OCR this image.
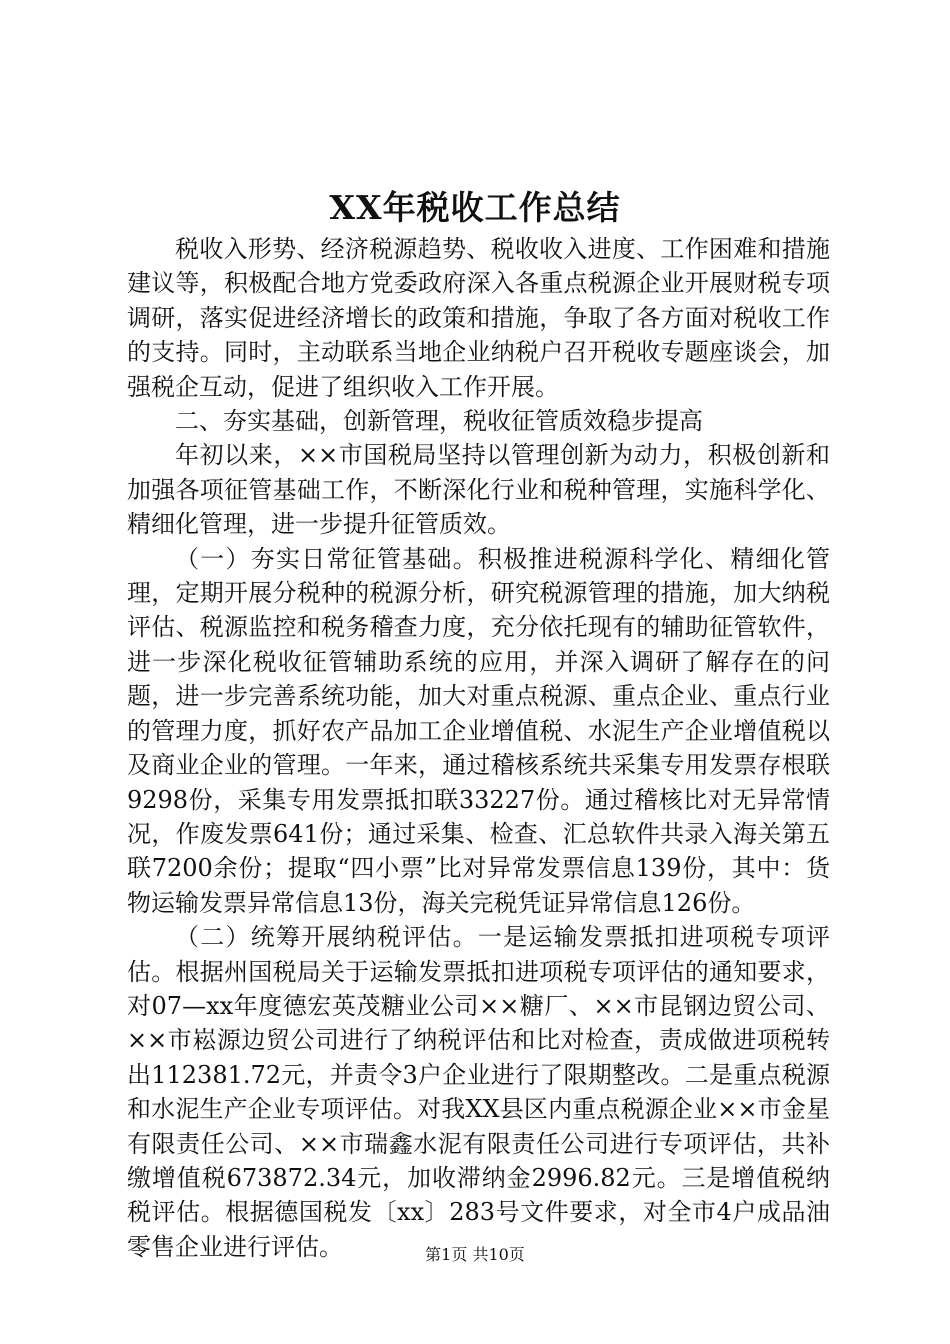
XX年税收工作总结

税收入形势、经济税源趋势、税收收入进度、工作困难和措施建议等，积极配合地方党委政府深入各重点税源企业开展财税专项调研，落实促进经济增长的政策和措施，争取了各方面对税收工作的支持。同时，主动联系当地企业纳税户召开税收专题座谈会，加强税企互动，促进了组织收入工作开展。

二、夯实基础，创新管理，税收征管质效稳步提高

年初以来，××市国税局坚持以管理创新为动力，积极创新和加强各项征管基础工作，不断深化行业和税种管理，实施科学化、精细化管理，进一步提升征管质效。

（一）夯实日常征管基础。积极推进税源科学化、精细化管理，定期开展分税种的税源分析，研究税源管理的措施，加大纳税评估、税源监控和税务稽查力度，充分依托现有的辅助征管软件，进一步深化税收征管辅助系统的应用，并深入调研了解存在的问题，进一步完善系统功能，加大对重点税源、重点企业、重点行业的管理力度，抓好农产品加工企业增值税、水泥生产企业增值税以及商业企业的管理。一年来，通过稽核系统共采集专用发票存根联9298份，采集专用发票抵扣联33227份。通过稽核比对无异常情况，作废发票641份；通过采集、检查、汇总软件共录入海关第五联7200余份；提取“四小票”比对异常发票信息139份，其中：货物运输发票异常信息13份，海关完税凭证异常信息126份。

（二）统筹开展纳税评估。一是运输发票抵扣进项税专项评估。根据州国税局关于运输发票抵扣进项税专项评估的通知要求，对07—xx年度德宏英茂糖业公司××糖厂、××市昆钢边贸公司、××市崧源边贸公司进行了纳税评估和比对检查，责成做进项税转出112381.72元，并责令3户企业进行了限期整改。二是重点税源和水泥生产企业专项评估。对我XX县区内重点税源企业××市金星有限责任公司、××市瑞鑫水泥有限责任公司进行专项评估，共补缴增值税673872.34元，加收滞纳金2996.82元。三是增值税纳税评估。根据德国税发〔xx〕283号文件要求，对全市4户成品油零售企业进行评估。	第1页 共10页
